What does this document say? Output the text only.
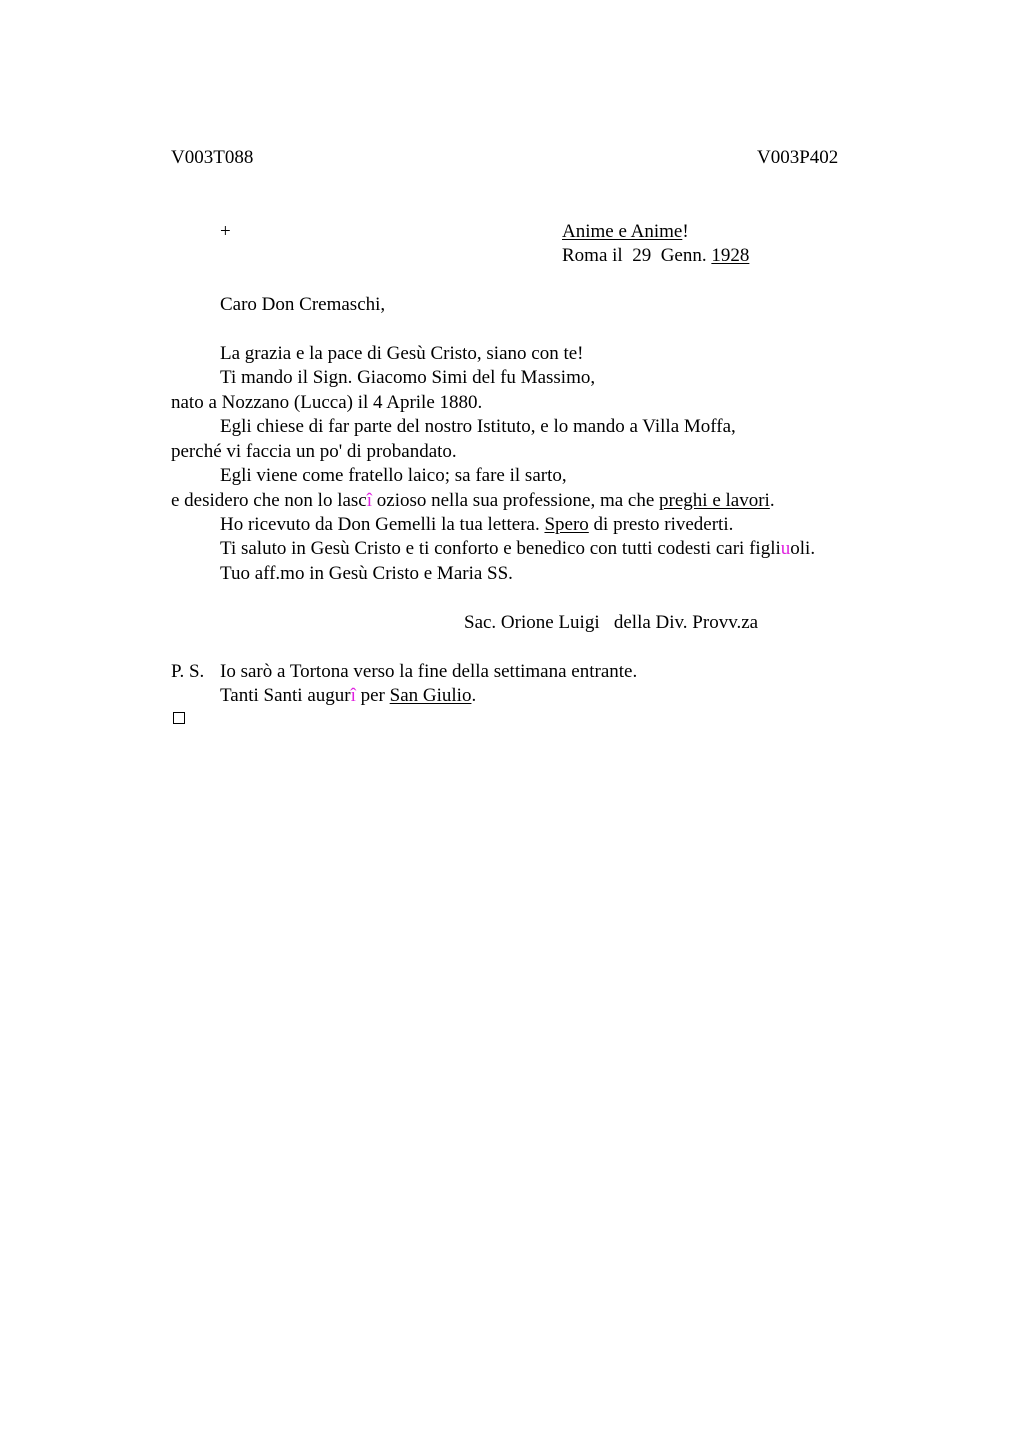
V003T088	V003P402
+	Anime e Anime!
Roma il  29  Genn. 1928
Caro Don Cremaschi,
La grazia e la pace di Gesù Cristo, siano con te!
Ti mando il Sign. Giacomo Simi del fu Massimo,
nato a Nozzano (Lucca) il 4 Aprile 1880.
Egli chiese di far parte del nostro Istituto, e lo mando a Villa Moffa,
perché vi faccia un po' di probandato.
Egli viene come fratello laico; sa fare il sarto,
e desidero che non lo lascî ozioso nella sua professione, ma che preghi e lavori.
Ho ricevuto da Don Gemelli la tua lettera. Spero di presto rivederti.
Ti saluto in Gesù Cristo e ti conforto e benedico con tutti codesti cari figliuoli.
Tuo aff.mo in Gesù Cristo e Maria SS.
Sac. Orione Luigi   della Div. Provv.za
P. S. Io sarò a Tortona verso la fine della settimana entrante.
Tanti Santi augurî per San Giulio.
